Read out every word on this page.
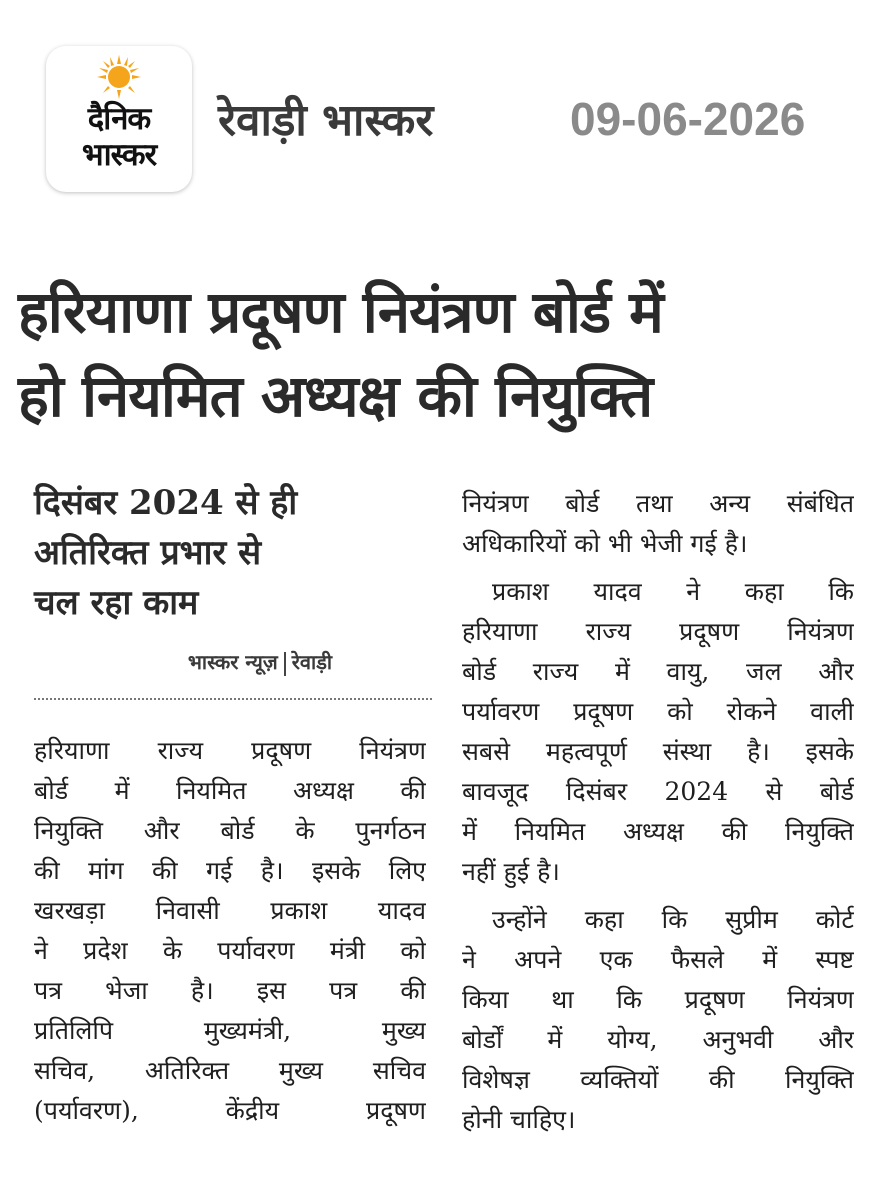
दैनिक
भास्कर
रेवाड़ी भास्कर	09-06-2026
हरियाणा प्रदूषण नियंत्रण बोर्ड में
हो नियमित अध्यक्ष की नियुक्ति
दिसंबर 2024 से ही
अतिरिक्त प्रभार से
चल रहा काम
भास्कर न्यूज़ रेवाड़ी
हरियाणा राज्य प्रदूषण नियंत्रण
बोर्ड में नियमित अध्यक्ष की
नियुक्ति और बोर्ड के पुनर्गठन
की मांग की गई है। इसके लिए
खरखड़ा निवासी प्रकाश यादव
ने प्रदेश के पर्यावरण मंत्री को
पत्र भेजा है। इस पत्र की
प्रतिलिपि मुख्यमंत्री, मुख्य
सचिव, अतिरिक्त मुख्य सचिव
(पर्यावरण), केंद्रीय प्रदूषण
नियंत्रण बोर्ड तथा अन्य संबंधित
अधिकारियों को भी भेजी गई है।
प्रकाश यादव ने कहा कि
हरियाणा राज्य प्रदूषण नियंत्रण
बोर्ड राज्य में वायु, जल और
पर्यावरण प्रदूषण को रोकने वाली
सबसे महत्वपूर्ण संस्था है। इसके
बावजूद दिसंबर 2024 से बोर्ड
में नियमित अध्यक्ष की नियुक्ति
नहीं हुई है।
उन्होंने कहा कि सुप्रीम कोर्ट
ने अपने एक फैसले में स्पष्ट
किया था कि प्रदूषण नियंत्रण
बोर्डों में योग्य, अनुभवी और
विशेषज्ञ व्यक्तियों की नियुक्ति
होनी चाहिए।
